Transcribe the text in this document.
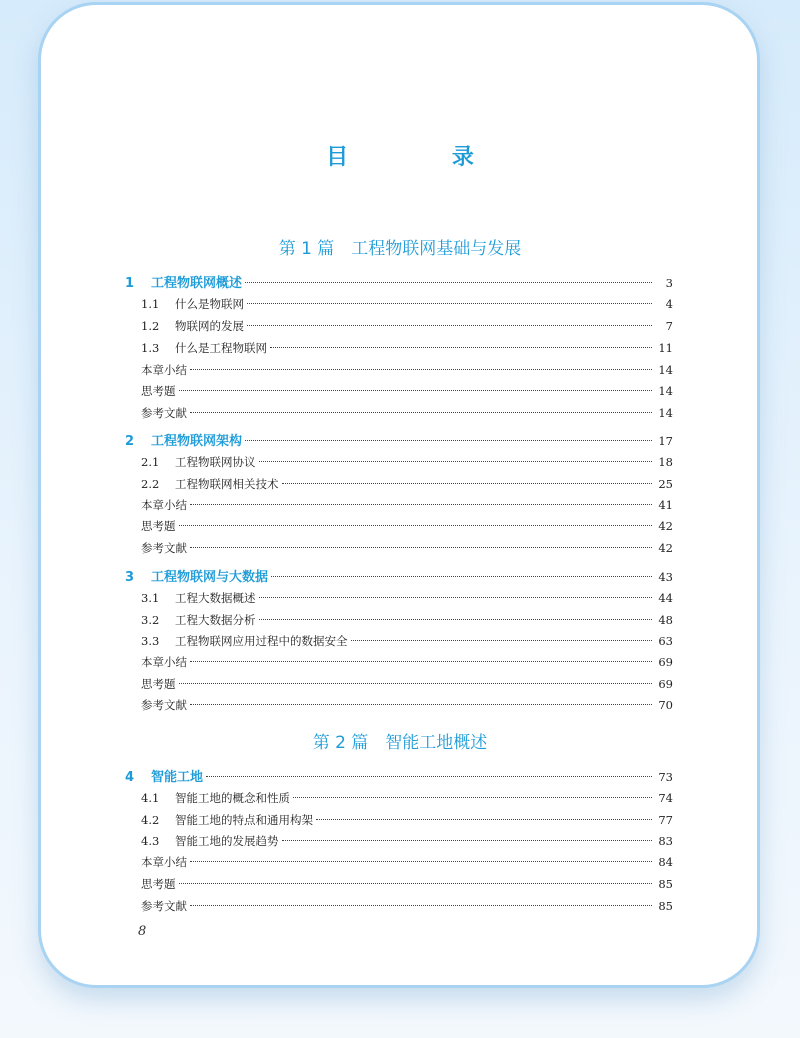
目 录
第 1 篇　工程物联网基础与发展
第 2 篇　智能工地概述
1	工程物联网概述	3
1.1	什么是物联网	4
1.2	物联网的发展	7
1.3	什么是工程物联网	11
本章小结	14
思考题	14
参考文献	14
2	工程物联网架构	17
2.1	工程物联网协议	18
2.2	工程物联网相关技术	25
本章小结	41
思考题	42
参考文献	42
3	工程物联网与大数据	43
3.1	工程大数据概述	44
3.2	工程大数据分析	48
3.3	工程物联网应用过程中的数据安全	63
本章小结	69
思考题	69
参考文献	70
4	智能工地	73
4.1	智能工地的概念和性质	74
4.2	智能工地的特点和通用构架	77
4.3	智能工地的发展趋势	83
本章小结	84
思考题	85
参考文献	85
8
